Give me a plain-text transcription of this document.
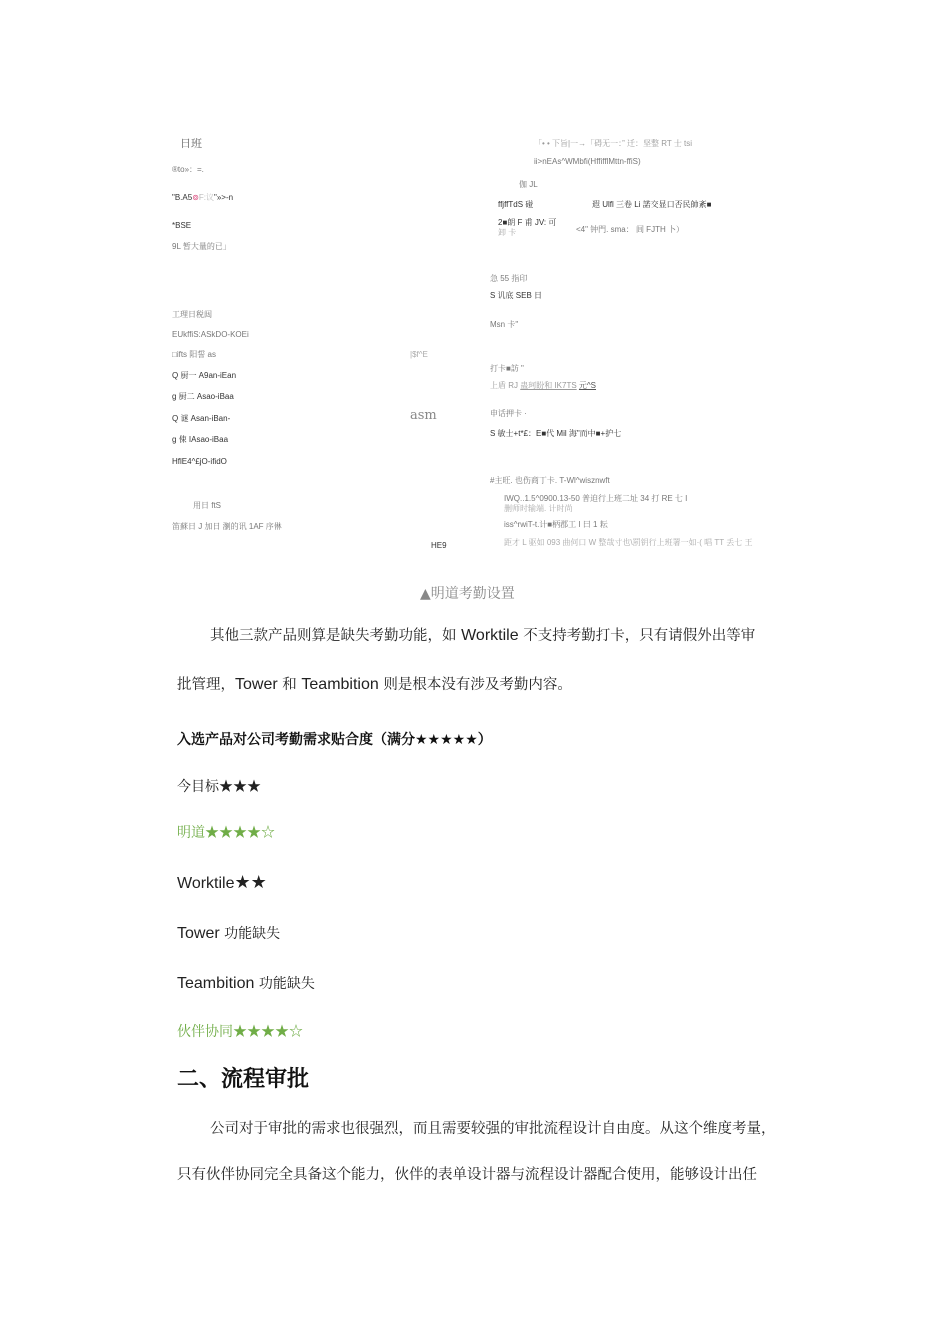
日班
®to»：=.
"B.A5⊚F:议"»>-n
*BSE
9L 暂大量的已」
工理日税闼
EUkffiS:ASkDO-KOEi
□ifts 阳誓 as
Q 厨一 A9an-iEan
g 厨二 Asao-iBaa
Q 谜 Asan-iBan-
g 㑛 IAsao-iBaa
HflE4^£jO-ifidO
用日 ftS
笛蘇日 J 加日 瀏的讯 1AF 序㑣
|$f^E
asm
HE9
「• • 下旨|一→「碍无一：” 迁：坚整 RT 士 tsi
ii>nEAs^WMbfi(HffifflMttn-ffiS)
伽 JL
ffjffTdS 碰	遐 Ulfl 三卷 Li 諾交显口否民帥紊■
2■朗 F 甫 JV: 可
卸 卡	<4" 钟門. sma： 闾 FJTH 卜）
急 55 指印
S 讥底 SEB 日
Msn 卡"
打卡■訪 "
上盾 RJ 蛊珂盼和 IK7TS 元^S
申话押卡 ·
S 敏士+t*£：E■代 Mil 海"而中■+护七
#主旺. 也伤商丁卡. T-Wl^wisznwft
IWQ..1.5^0900.13-50 普迫行上班二址 34 打 RE 七 I
删师时输端. 计时尚
iss^rwiT-t.计■柄郡工 I 曰 1 耘
距才 L 驱如 093 曲何口 W 整哉寸也\罰钥行上班署一如·( 唱 TT 丢七 王
▲明道考勤设置
其他三款产品则算是缺失考勤功能，如 Worktile 不支持考勤打卡，只有请假外出等审
批管理，Tower 和 Teambition 则是根本没有涉及考勤内容。
入选产品对公司考勤需求贴合度（满分★★★★★）
今目标★★★
明道★★★★☆
Worktile★★
Tower 功能缺失
Teambition 功能缺失
伙伴协同★★★★☆
二、流程审批
公司对于审批的需求也很强烈，而且需要较强的审批流程设计自由度。从这个维度考量，
只有伙伴协同完全具备这个能力，伙伴的表单设计器与流程设计器配合使用，能够设计出任
